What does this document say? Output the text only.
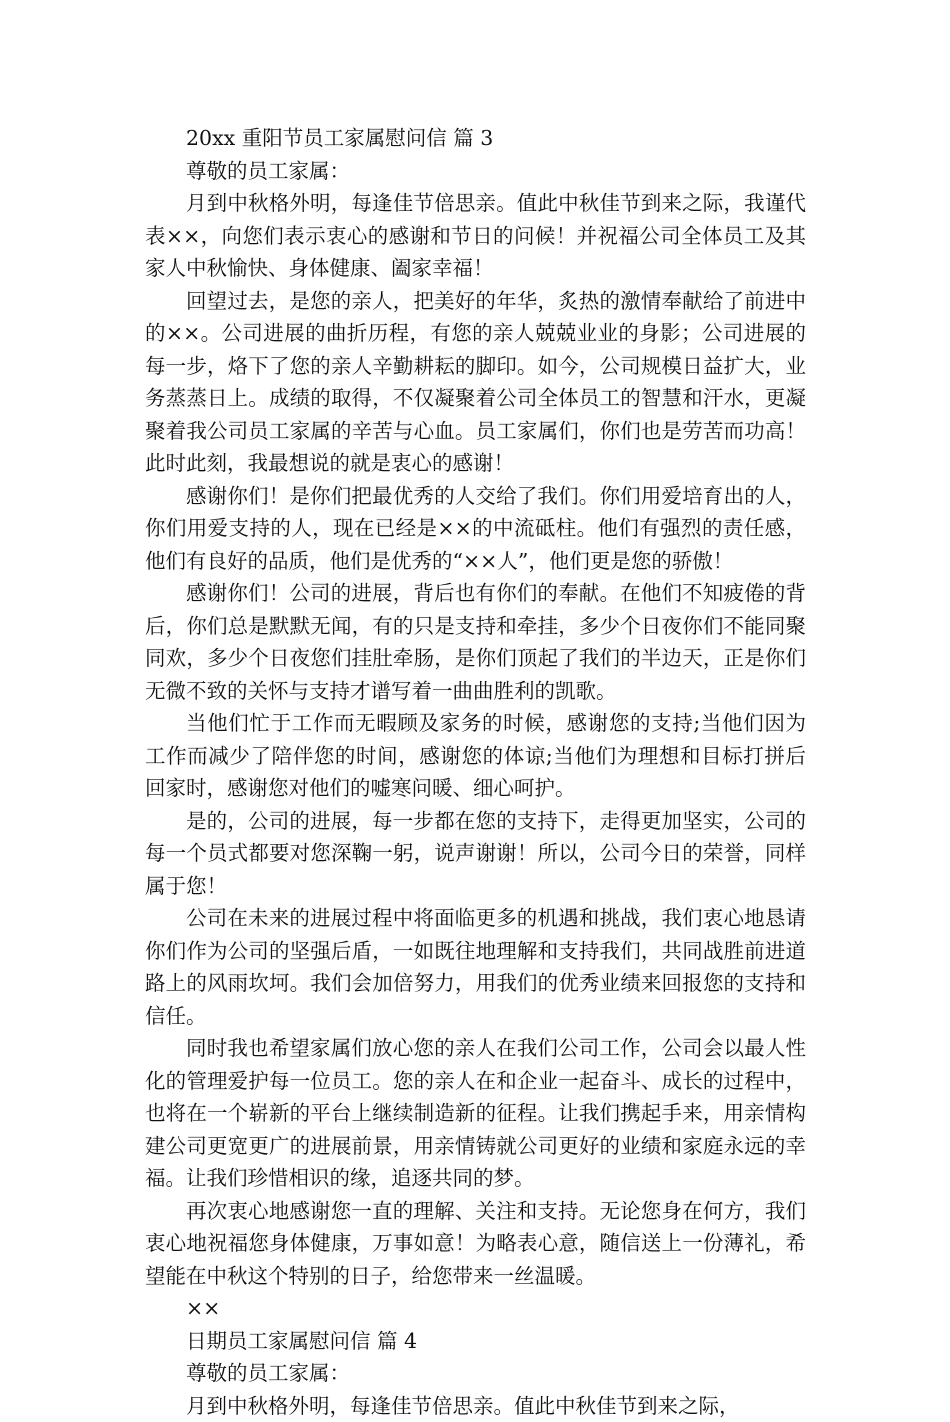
20xx 重阳节员工家属慰问信 篇 3

尊敬的员工家属：

月到中秋格外明，每逢佳节倍思亲。值此中秋佳节到来之际，我谨代表××，向您们表示衷心的感谢和节日的问候！并祝福公司全体员工及其家人中秋愉快、身体健康、阖家幸福！

回望过去，是您的亲人，把美好的年华，炙热的激情奉献给了前进中的××。公司进展的曲折历程，有您的亲人兢兢业业的身影；公司进展的每一步，烙下了您的亲人辛勤耕耘的脚印。如今，公司规模日益扩大，业务蒸蒸日上。成绩的取得，不仅凝聚着公司全体员工的智慧和汗水，更凝聚着我公司员工家属的辛苦与心血。员工家属们，你们也是劳苦而功高！此时此刻，我最想说的就是衷心的感谢！

感谢你们！是你们把最优秀的人交给了我们。你们用爱培育出的人，你们用爱支持的人，现在已经是××的中流砥柱。他们有强烈的责任感，他们有良好的品质，他们是优秀的“××人”，他们更是您的骄傲！

感谢你们！公司的进展，背后也有你们的奉献。在他们不知疲倦的背后，你们总是默默无闻，有的只是支持和牵挂，多少个日夜你们不能同聚同欢，多少个日夜您们挂肚牵肠，是你们顶起了我们的半边天，正是你们无微不致的关怀与支持才谱写着一曲曲胜利的凯歌。

当他们忙于工作而无暇顾及家务的时候，感谢您的支持;当他们因为工作而减少了陪伴您的时间，感谢您的体谅;当他们为理想和目标打拼后回家时，感谢您对他们的嘘寒问暖、细心呵护。

是的，公司的进展，每一步都在您的支持下，走得更加坚实，公司的每一个员式都要对您深鞠一躬，说声谢谢！所以，公司今日的荣誉，同样属于您！

公司在未来的进展过程中将面临更多的机遇和挑战，我们衷心地恳请你们作为公司的坚强后盾，一如既往地理解和支持我们，共同战胜前进道路上的风雨坎坷。我们会加倍努力，用我们的优秀业绩来回报您的支持和信任。

同时我也希望家属们放心您的亲人在我们公司工作，公司会以最人性化的管理爱护每一位员工。您的亲人在和企业一起奋斗、成长的过程中，也将在一个崭新的平台上继续制造新的征程。让我们携起手来，用亲情构建公司更宽更广的进展前景，用亲情铸就公司更好的业绩和家庭永远的幸福。让我们珍惜相识的缘，追逐共同的梦。

再次衷心地感谢您一直的理解、关注和支持。无论您身在何方，我们衷心地祝福您身体健康，万事如意！为略表心意，随信送上一份薄礼，希望能在中秋这个特别的日子，给您带来一丝温暖。

××

日期员工家属慰问信 篇 4

尊敬的员工家属：

月到中秋格外明，每逢佳节倍思亲。值此中秋佳节到来之际，
